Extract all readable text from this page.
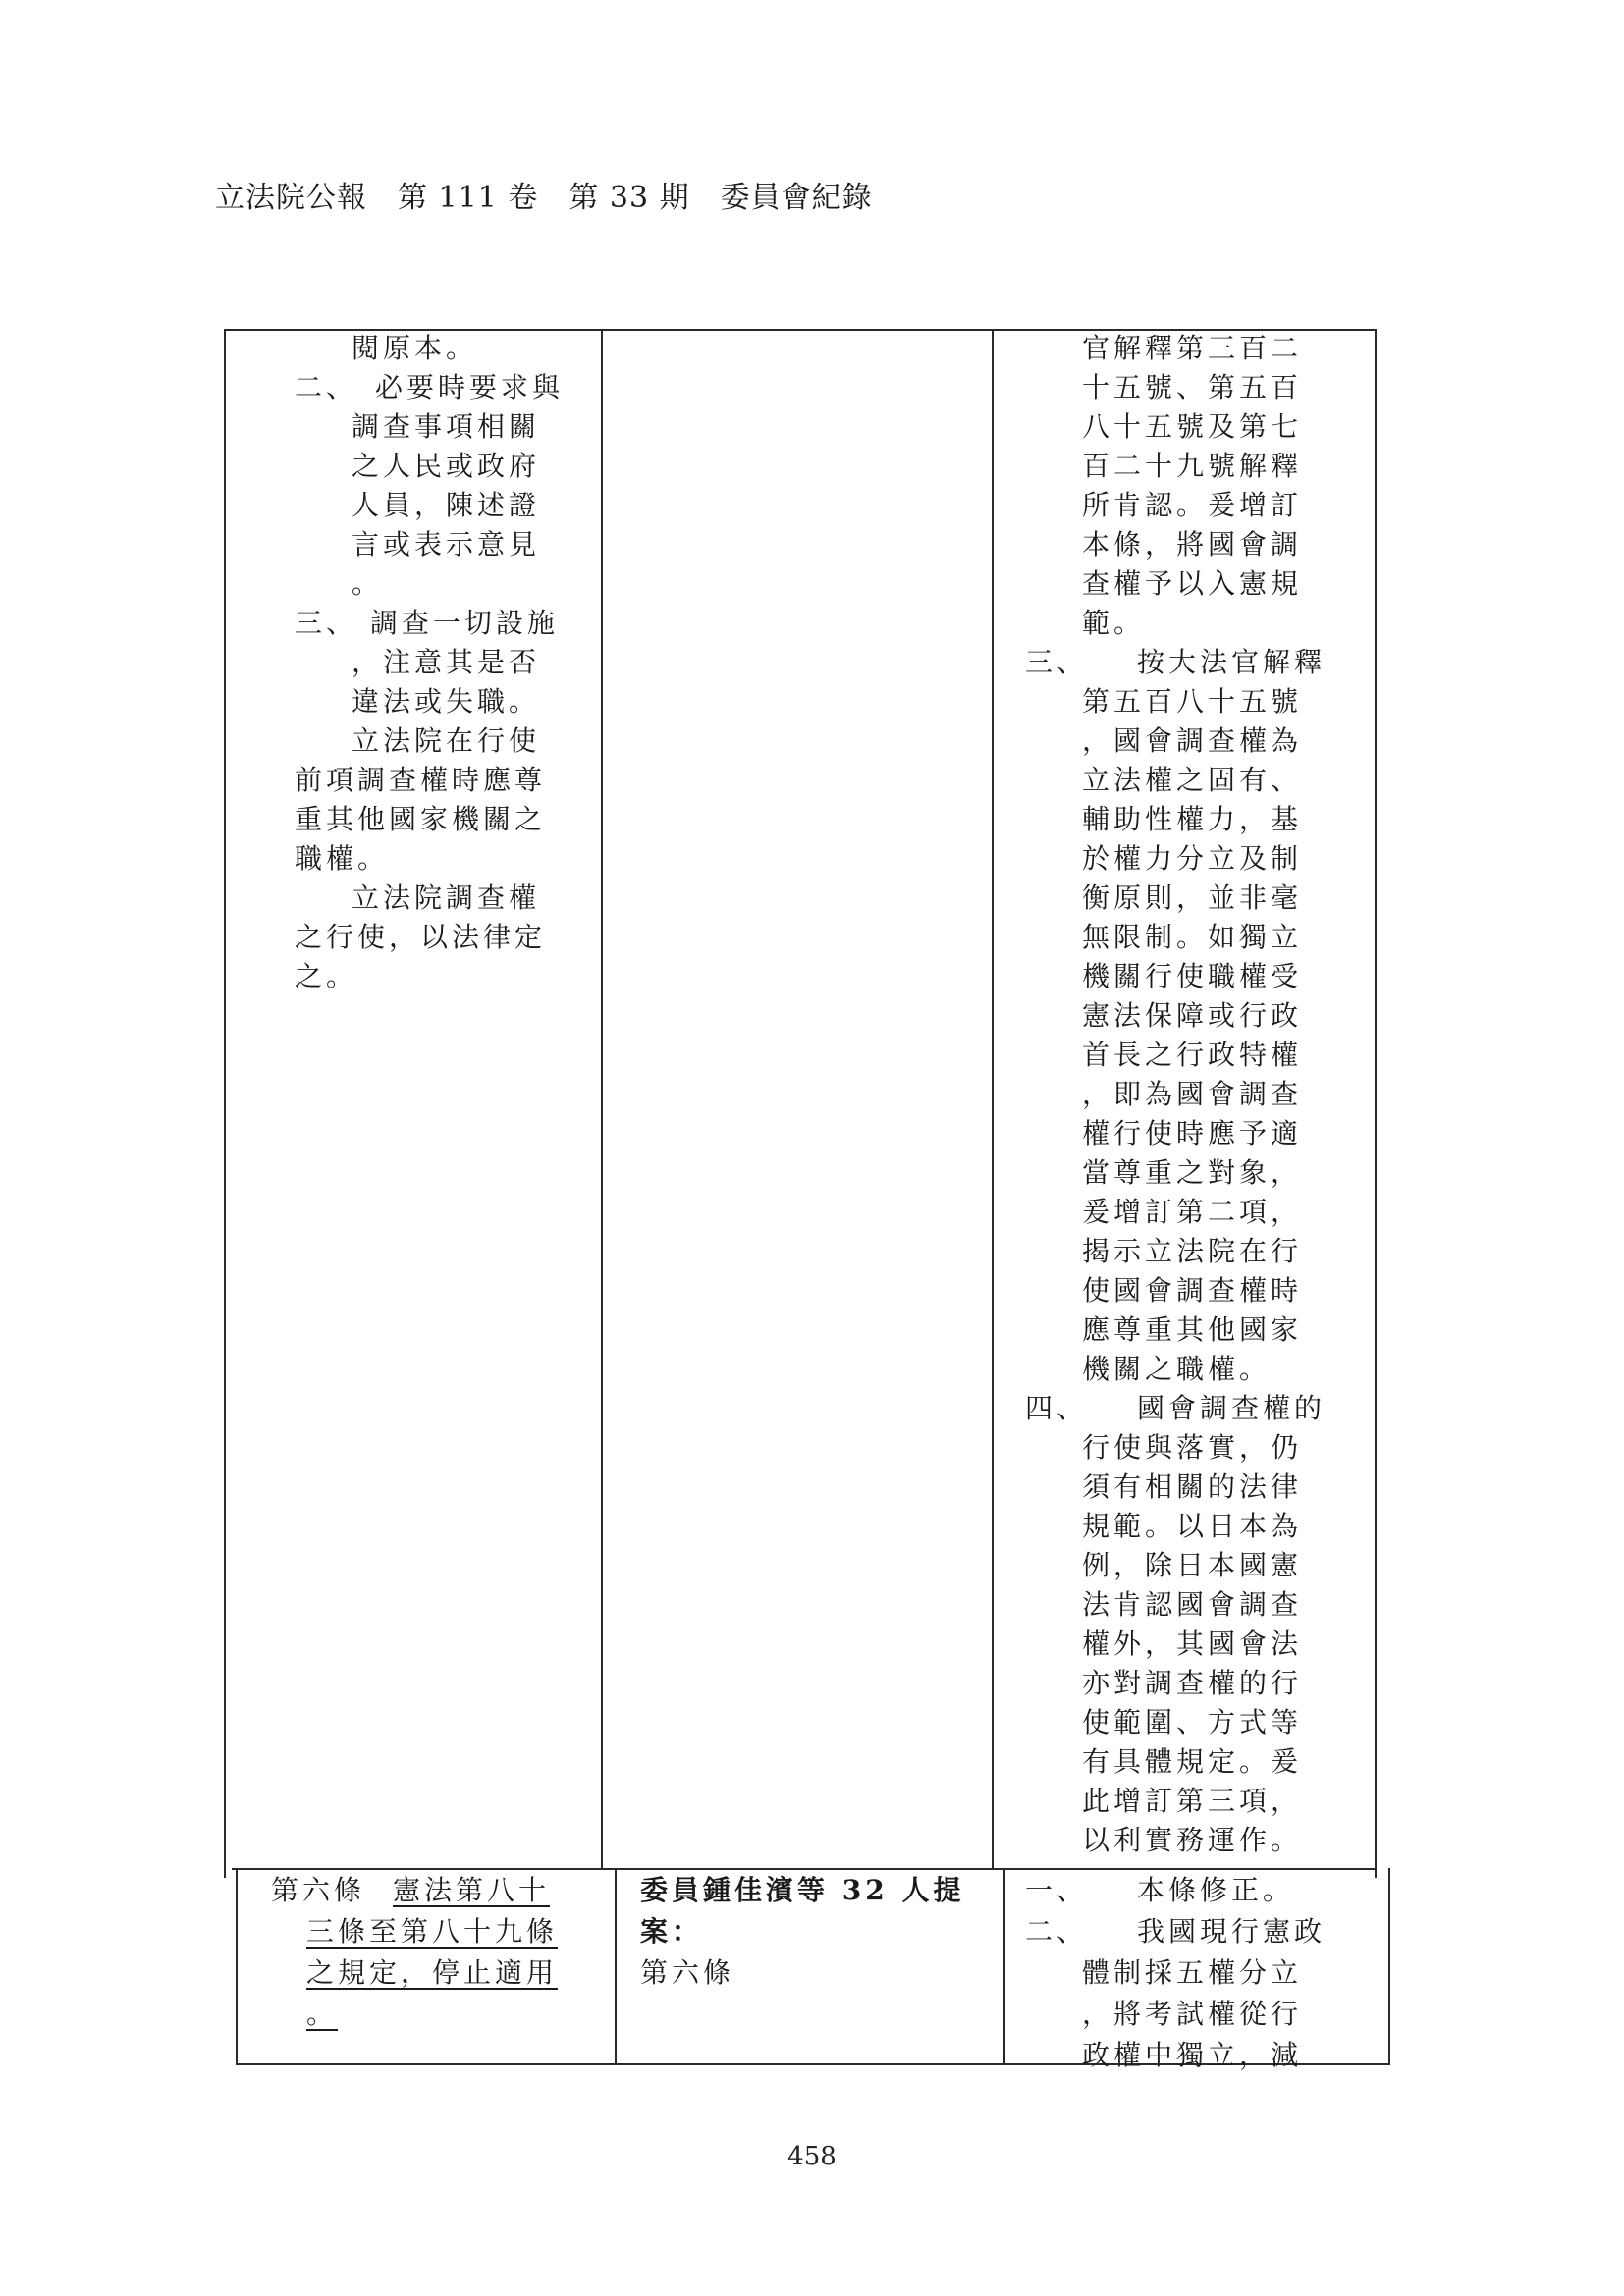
立法院公報　第 111 卷　第 33 期　委員會紀錄
閱原本。
二、　必要時要求與
調查事項相關
之人民或政府
人員，陳述證
言或表示意見
。
三、 調查一切設施
，注意其是否
違法或失職。
立法院在行使
前項調查權時應尊
重其他國家機關之
職權。
立法院調查權
之行使，以法律定
之。
官解釋第三百二
十五號、第五百
八十五號及第七
百二十九號解釋
所肯認。爰增訂
本條，將國會調
查權予以入憲規
範。
三、　　按大法官解釋
第五百八十五號
，國會調查權為
立法權之固有、
輔助性權力，基
於權力分立及制
衡原則，並非毫
無限制。如獨立
機關行使職權受
憲法保障或行政
首長之行政特權
，即為國會調查
權行使時應予適
當尊重之對象，
爰增訂第二項，
揭示立法院在行
使國會調查權時
應尊重其他國家
機關之職權。
四、　　國會調查權的
行使與落實，仍
須有相關的法律
規範。以日本為
例，除日本國憲
法肯認國會調查
權外，其國會法
亦對調查權的行
使範圍、方式等
有具體規定。爰
此增訂第三項，
以利實務運作。
第六條 憲法第八十
三條至第八十九條
之規定，停止適用
。
委員鍾佳濱等 32 人提
案：
第六條
一、　　本條修正。
二、　　我國現行憲政
體制採五權分立
，將考試權從行
政權中獨立，減
458
